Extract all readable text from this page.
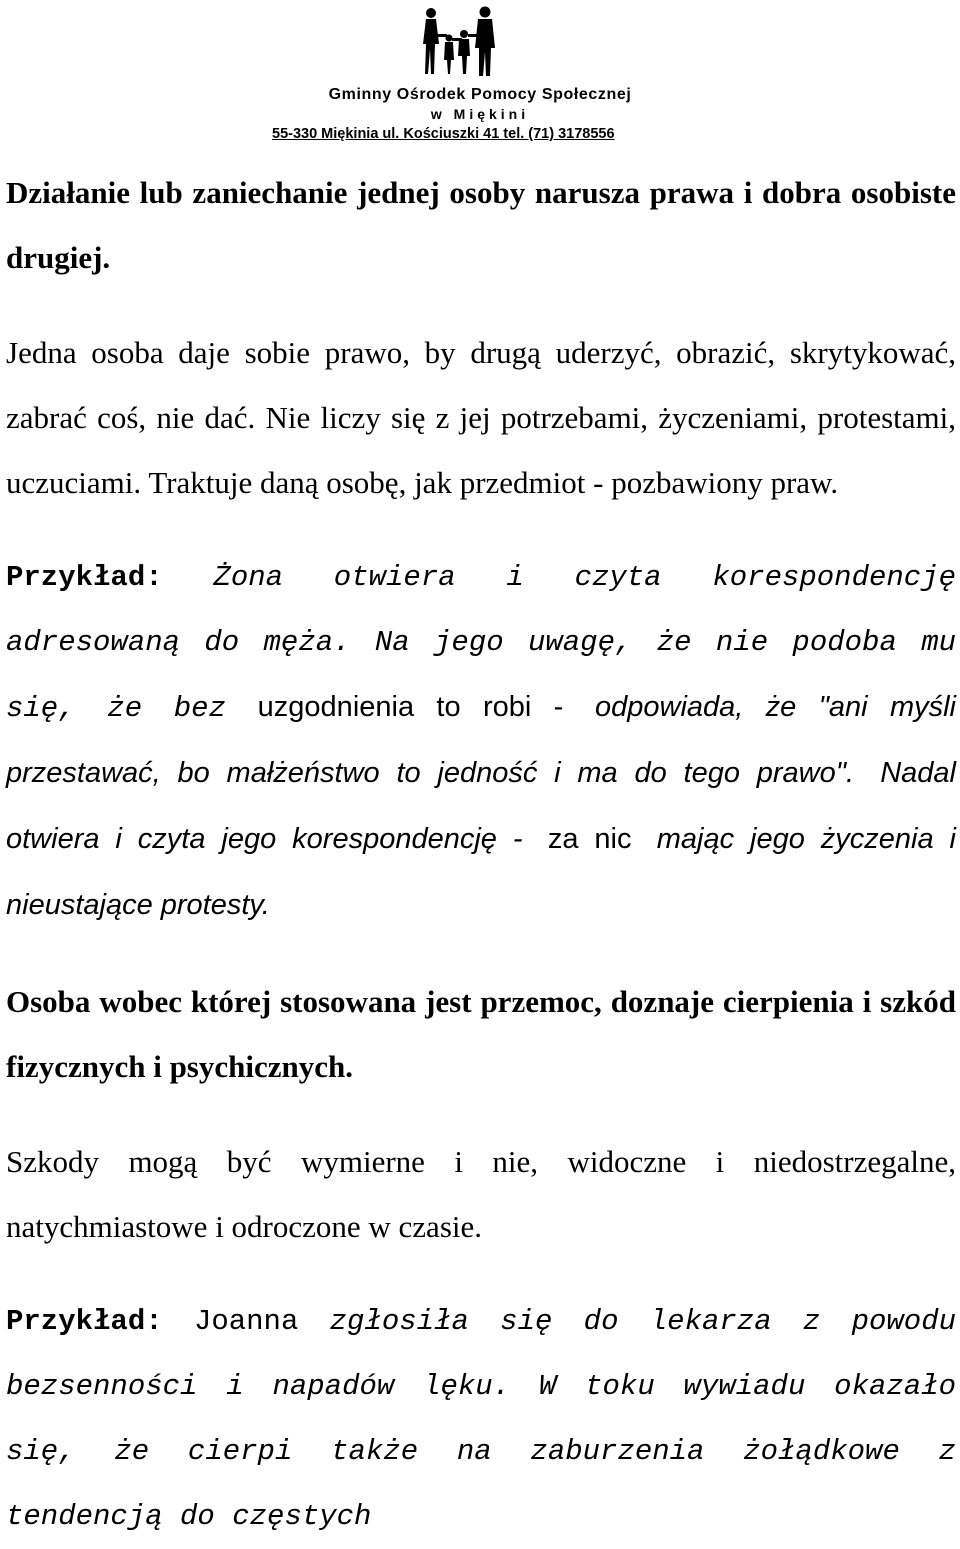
Gminny Ośrodek Pomocy Społecznej
w Miękini
55-330 Miękinia ul. Kościuszki 41 tel. (71) 3178556

Działanie lub zaniechanie jednej osoby narusza prawa i dobra osobiste drugiej.

Jedna osoba daje sobie prawo, by drugą uderzyć, obrazić, skrytykować, zabrać coś, nie dać. Nie liczy się z jej potrzebami, życzeniami, protestami, uczuciami. Traktuje daną osobę, jak przedmiot - pozbawiony praw.

Przykład: Żona otwiera i czyta korespondencję adresowaną do męża. Na jego uwagę, że nie podoba mu się, że bez uzgodnienia to robi - odpowiada, że "ani myśli przestawać, bo małżeństwo to jedność i ma do tego prawo". Nadal otwiera i czyta jego korespondencję - za nic mając jego życzenia i nieustające protesty.

Osoba wobec której stosowana jest przemoc, doznaje cierpienia i szkód fizycznych i psychicznych.

Szkody mogą być wymierne i nie, widoczne i niedostrzegalne, natychmiastowe i odroczone w czasie.

Przykład: Joanna zgłosiła się do lekarza z powodu bezsenności i napadów lęku. W toku wywiadu okazało się, że cierpi także na zaburzenia żołądkowe z tendencją do częstych
